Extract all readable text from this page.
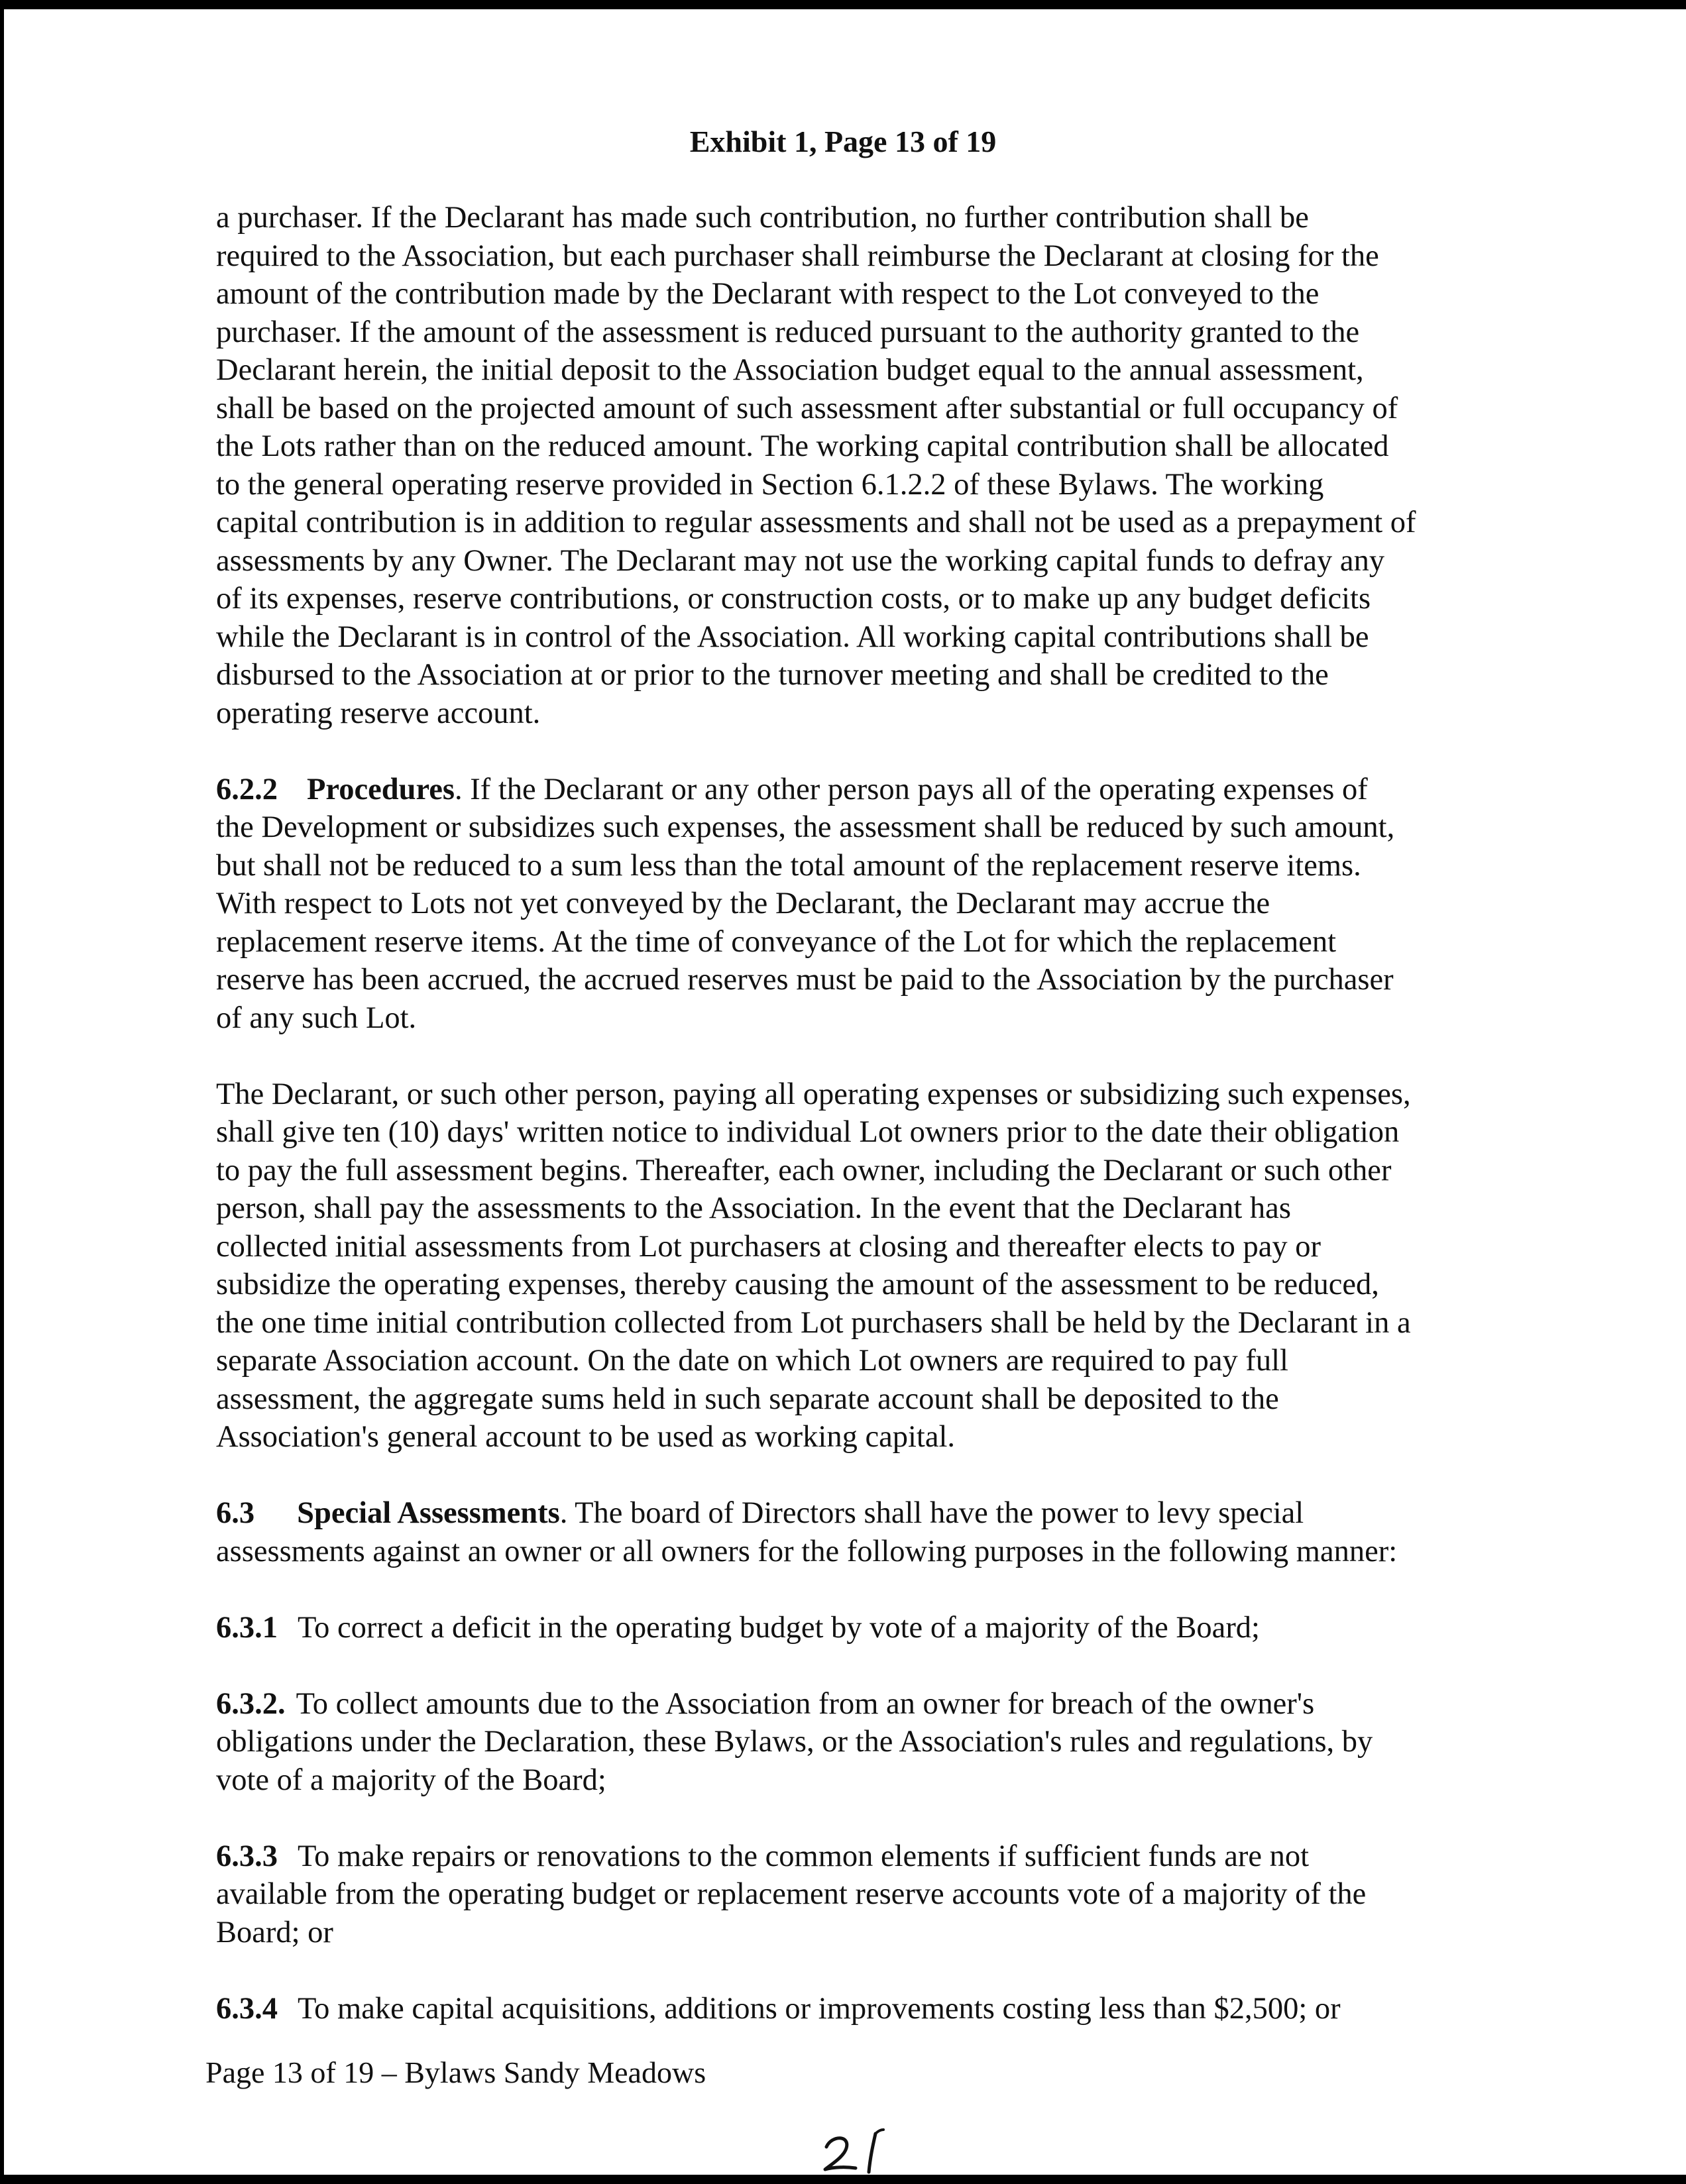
Exhibit 1, Page 13 of 19
a purchaser. If the Declarant has made such contribution, no further contribution shall be
required to the Association, but each purchaser shall reimburse the Declarant at closing for the
amount of the contribution made by the Declarant with respect to the Lot conveyed to the
purchaser. If the amount of the assessment is reduced pursuant to the authority granted to the
Declarant herein, the initial deposit to the Association budget equal to the annual assessment,
shall be based on the projected amount of such assessment after substantial or full occupancy of
the Lots rather than on the reduced amount. The working capital contribution shall be allocated
to the general operating reserve provided in Section 6.1.2.2 of these Bylaws. The working
capital contribution is in addition to regular assessments and shall not be used as a prepayment of
assessments by any Owner. The Declarant may not use the working capital funds to defray any
of its expenses, reserve contributions, or construction costs, or to make up any budget deficits
while the Declarant is in control of the Association. All working capital contributions shall be
disbursed to the Association at or prior to the turnover meeting and shall be credited to the
operating reserve account.
6.2.2 Procedures. If the Declarant or any other person pays all of the operating expenses of
the Development or subsidizes such expenses, the assessment shall be reduced by such amount,
but shall not be reduced to a sum less than the total amount of the replacement reserve items.
With respect to Lots not yet conveyed by the Declarant, the Declarant may accrue the
replacement reserve items. At the time of conveyance of the Lot for which the replacement
reserve has been accrued, the accrued reserves must be paid to the Association by the purchaser
of any such Lot.
The Declarant, or such other person, paying all operating expenses or subsidizing such expenses,
shall give ten (10) days' written notice to individual Lot owners prior to the date their obligation
to pay the full assessment begins. Thereafter, each owner, including the Declarant or such other
person, shall pay the assessments to the Association. In the event that the Declarant has
collected initial assessments from Lot purchasers at closing and thereafter elects to pay or
subsidize the operating expenses, thereby causing the amount of the assessment to be reduced,
the one time initial contribution collected from Lot purchasers shall be held by the Declarant in a
separate Association account. On the date on which Lot owners are required to pay full
assessment, the aggregate sums held in such separate account shall be deposited to the
Association's general account to be used as working capital.
6.3 Special Assessments. The board of Directors shall have the power to levy special
assessments against an owner or all owners for the following purposes in the following manner:
6.3.1 To correct a deficit in the operating budget by vote of a majority of the Board;
6.3.2. To collect amounts due to the Association from an owner for breach of the owner's
obligations under the Declaration, these Bylaws, or the Association's rules and regulations, by
vote of a majority of the Board;
6.3.3 To make repairs or renovations to the common elements if sufficient funds are not
available from the operating budget or replacement reserve accounts vote of a majority of the
Board; or
6.3.4 To make capital acquisitions, additions or improvements costing less than $2,500; or
Page 13 of 19 – Bylaws Sandy Meadows
